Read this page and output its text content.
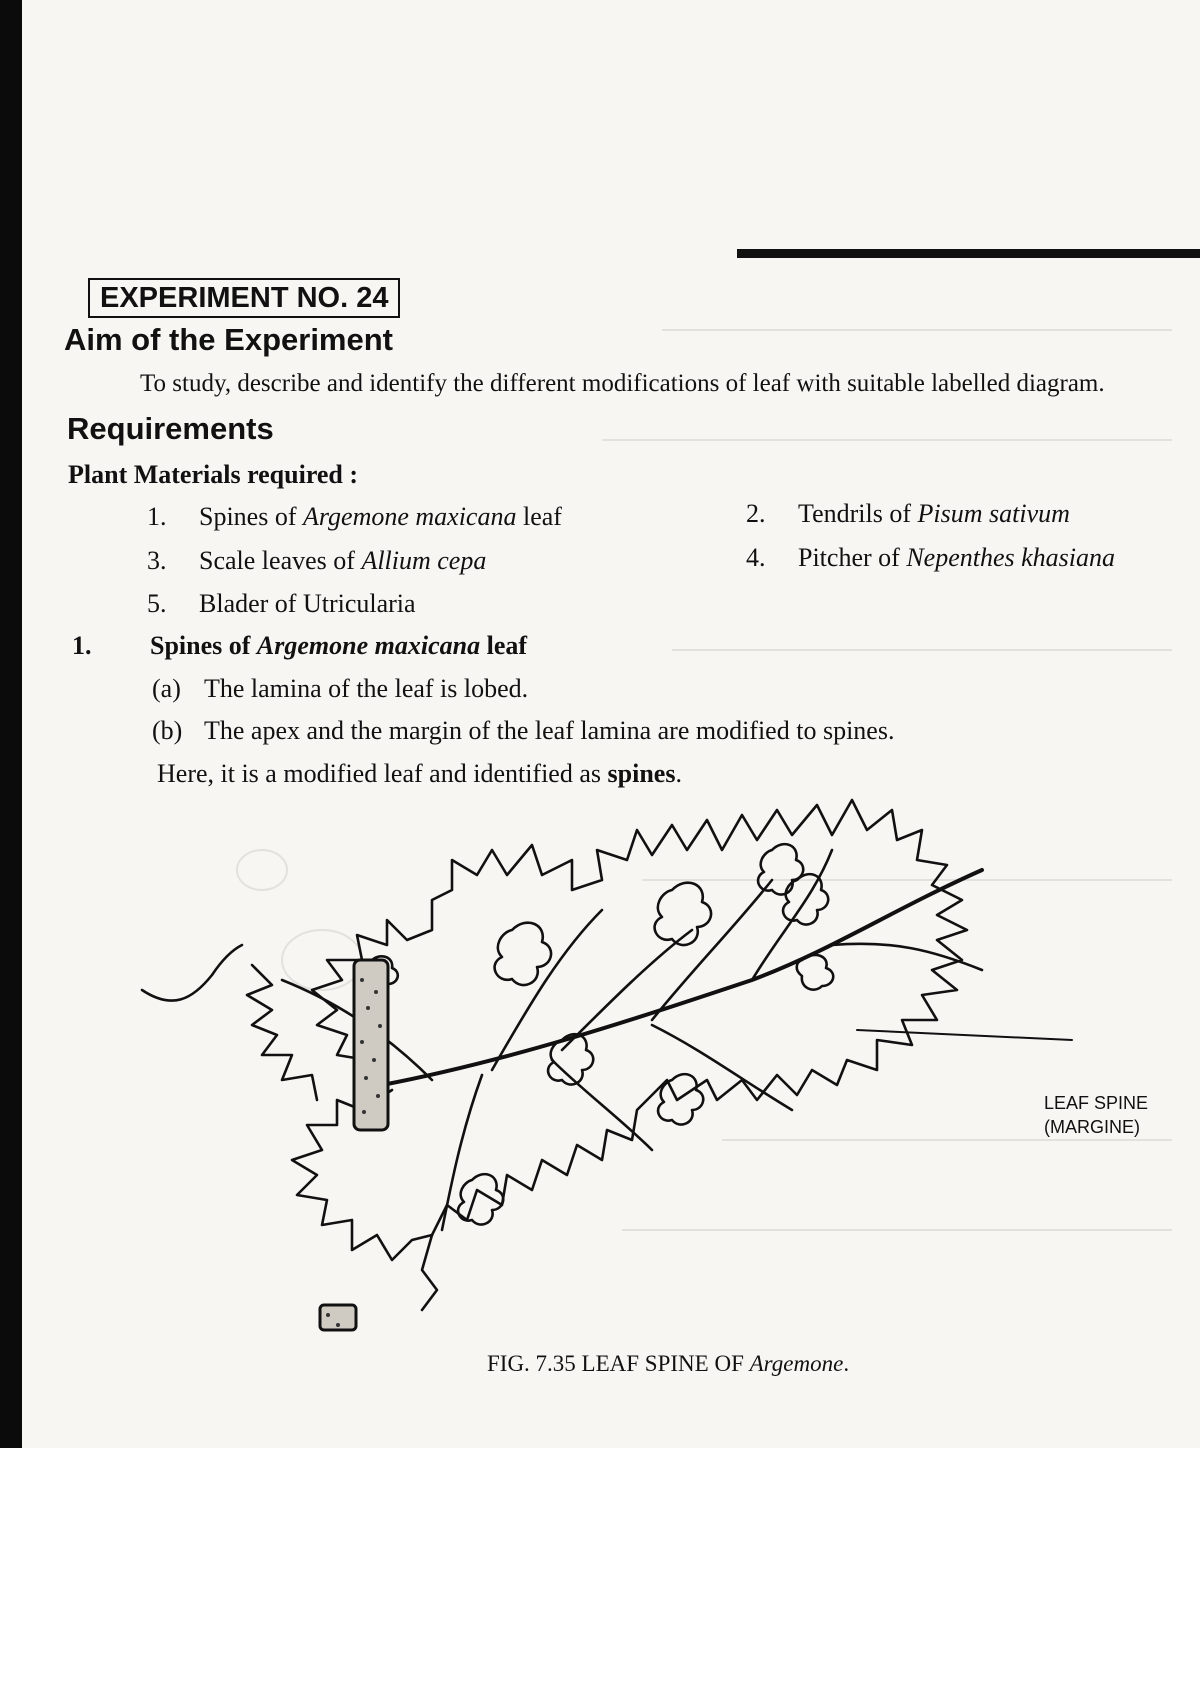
EXPERIMENT NO. 24
Aim of the Experiment
To study, describe and identify the different modifications of leaf with suitable labelled diagram.
Requirements
Plant Materials required :
1. Spines of Argemone maxicana leaf	2. Tendrils of Pisum sativum
3. Scale leaves of Allium cepa	4. Pitcher of Nepenthes khasiana
5. Blader of Utricularia
1. Spines of Argemone maxicana leaf
(a) The lamina of the leaf is lobed.
(b) The apex and the margin of the leaf lamina are modified to spines.
Here, it is a modified leaf and identified as spines.
LEAF SPINE
(MARGINE)
FIG. 7.35 LEAF SPINE OF Argemone.
